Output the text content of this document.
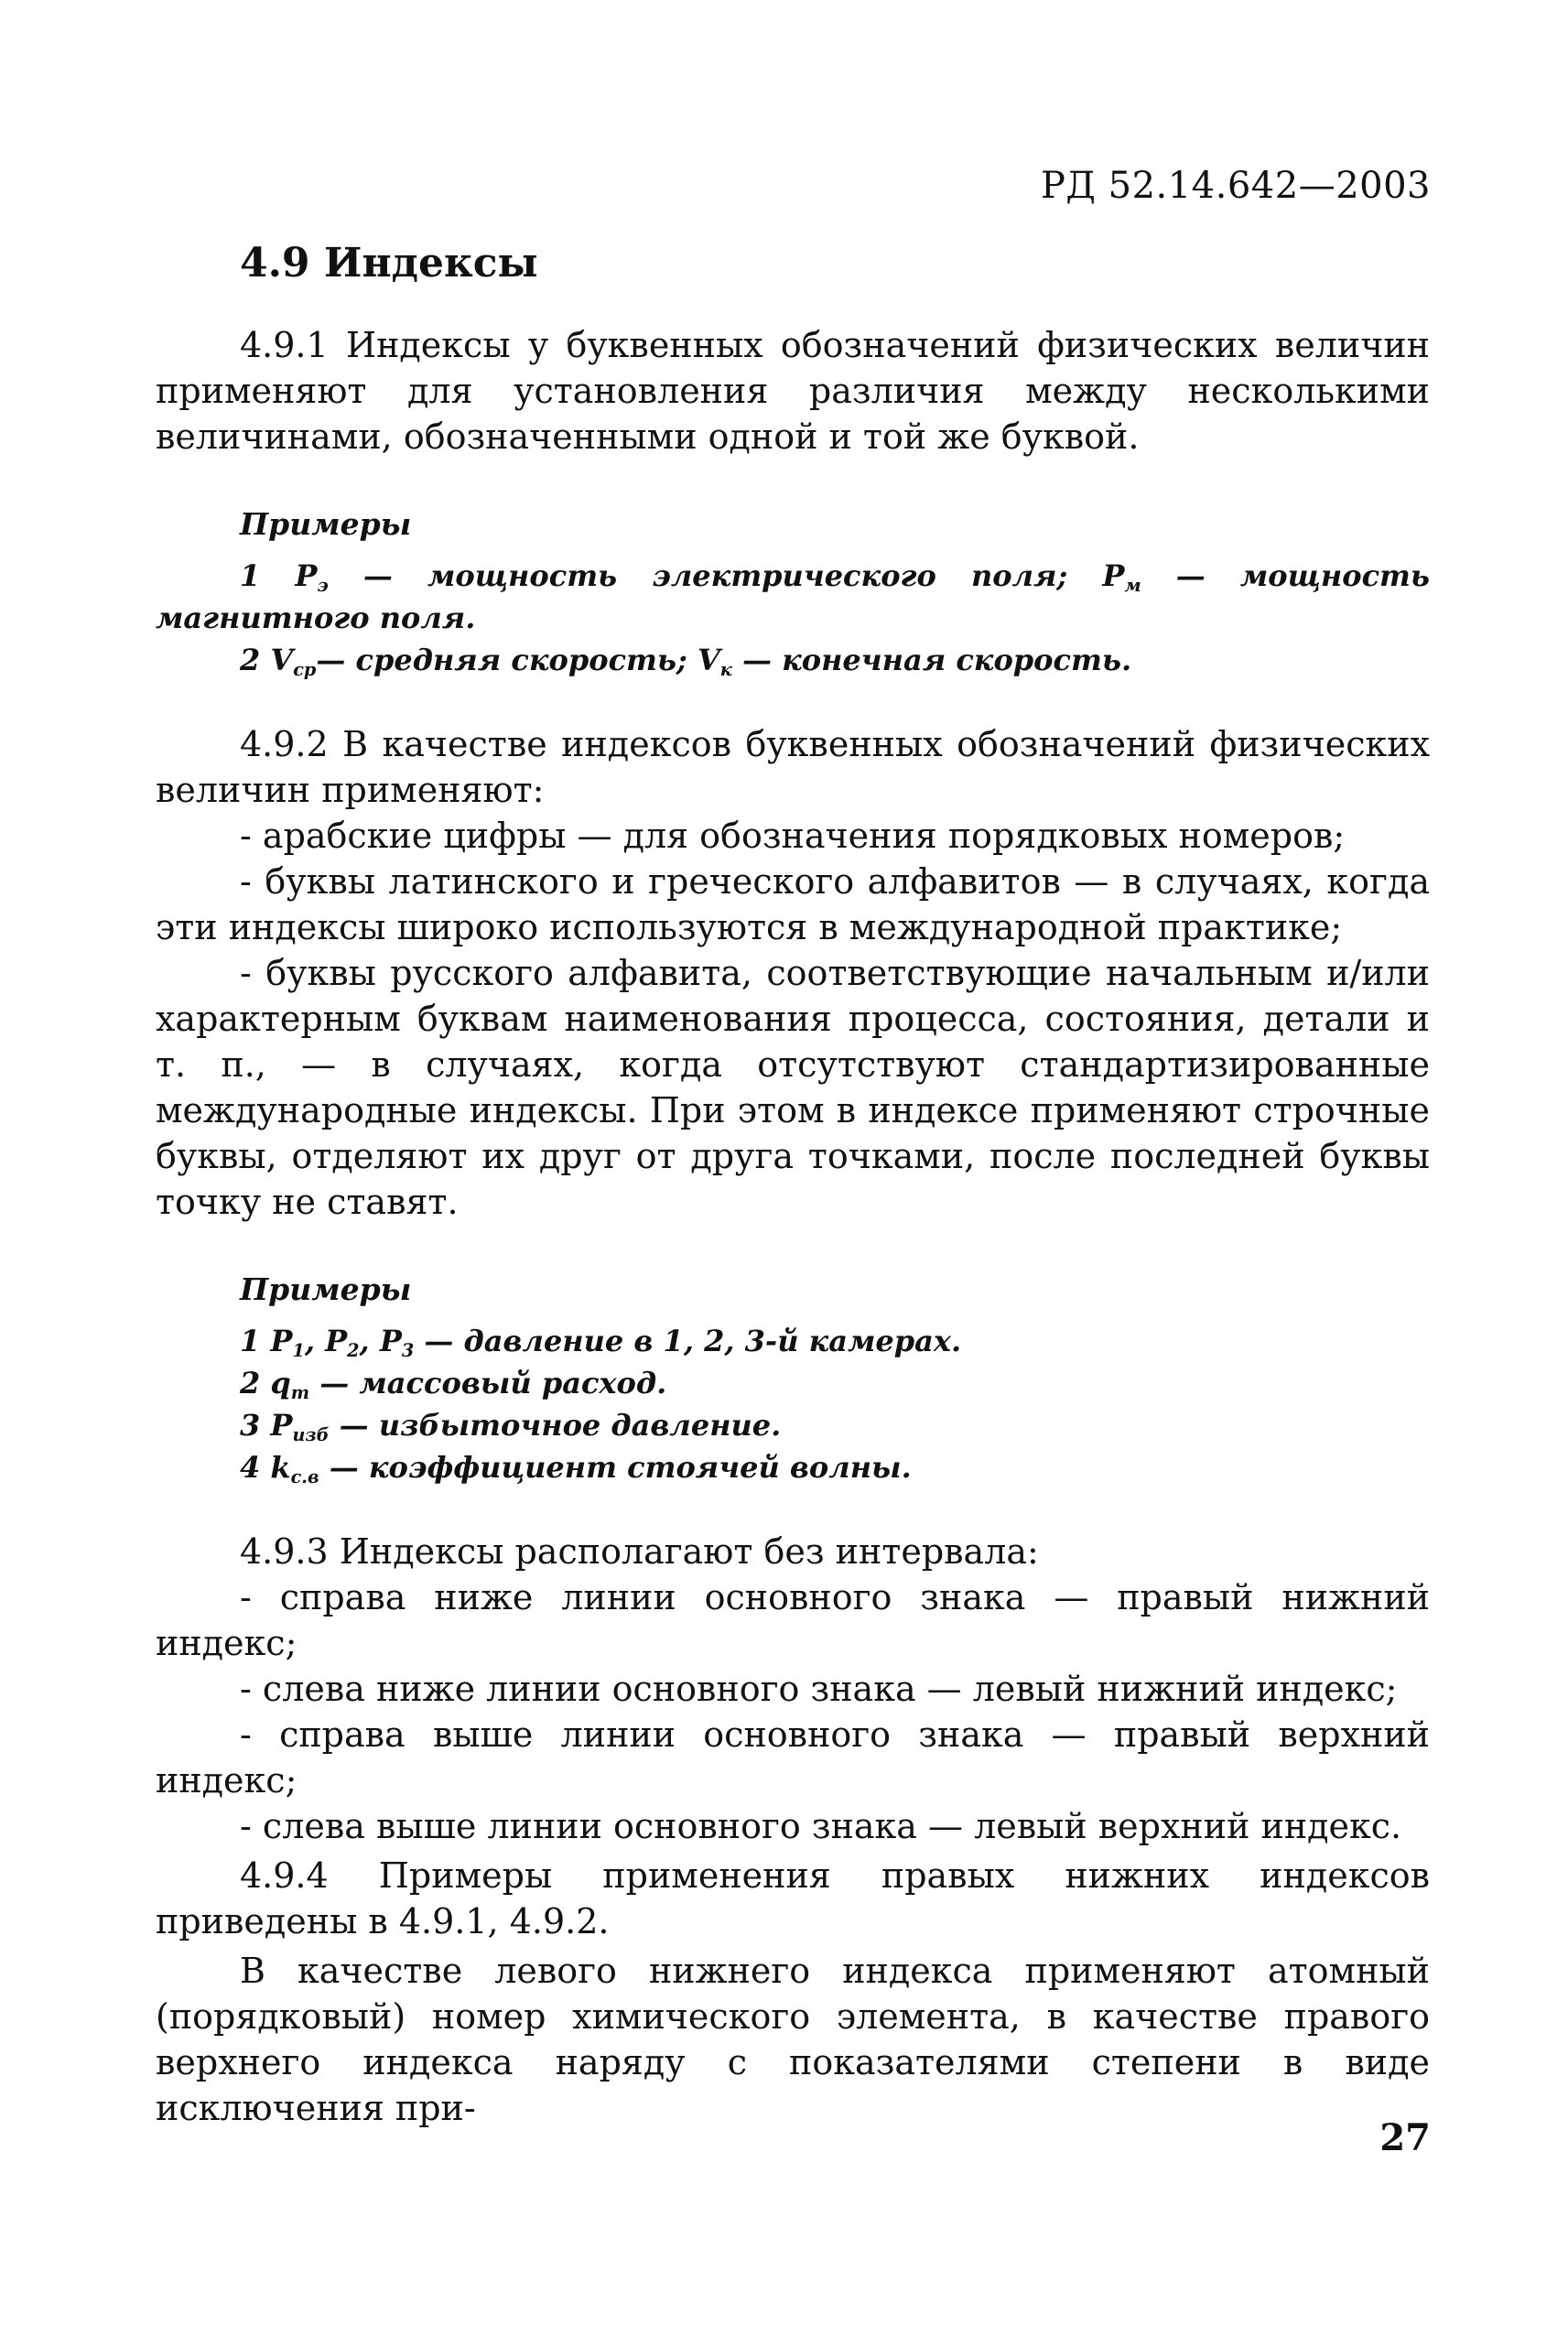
РД 52.14.642—2003
4.9 Индексы

4.9.1 Индексы у буквенных обозначений физических величин применяют для установления различия между несколькими величинами, обозначенными одной и той же буквой.

Примеры

1 $P_э$ — мощность электрического поля; $P_м$ — мощность магнитного поля.

2 $V_{ср}—$ средняя скорость; $V_к$ — конечная скорость.

4.9.2 В качестве индексов буквенных обозначений физических величин применяют:

- арабские цифры — для обозначения порядковых номеров;

- буквы латинского и греческого алфавитов — в случаях, когда эти индексы широко используются в международной практике;

- буквы русского алфавита, соответствующие начальным и/или характерным буквам наименования процесса, состояния, детали и т. п., — в случаях, когда отсутствуют стандартизированные международные индексы. При этом в индексе применяют строчные буквы, отделяют их друг от друга точками, после последней буквы точку не ставят.

Примеры

1 $P_1$, $P_2$, $P_3$ — давление в 1, 2, 3-й камерах.

2 $q_m$ — массовый расход.

3 $P_{изб}$ — избыточное давление.

4 $k_{с.в}$ — коэффициент стоячей волны.

4.9.3 Индексы располагают без интервала:

- справа ниже линии основного знака — правый нижний индекс;

- слева ниже линии основного знака — левый нижний индекс;

- справа выше линии основного знака — правый верхний индекс;

- слева выше линии основного знака — левый верхний индекс.

4.9.4 Примеры применения правых нижних индексов приведены в 4.9.1, 4.9.2.

В качестве левого нижнего индекса применяют атомный (порядковый) номер химического элемента, в качестве правого верхнего индекса наряду с показателями степени в виде исключения при-

27
